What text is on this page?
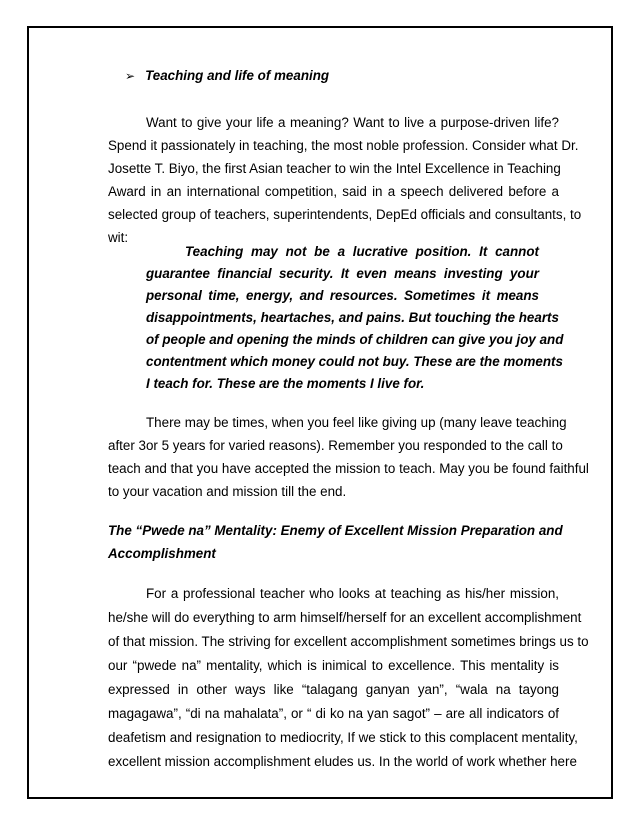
➢ Teaching and life of meaning
Want to give your life a meaning? Want to live a purpose-driven life?
Spend it passionately in teaching, the most noble profession. Consider what Dr.
Josette T. Biyo, the first Asian teacher to win the Intel Excellence in Teaching
Award in an international competition, said in a speech delivered before a
selected group of teachers, superintendents, DepEd officials and consultants, to
wit:
Teaching may not be a lucrative position. It cannot
guarantee financial security. It even means investing your
personal time, energy, and resources. Sometimes it means
disappointments, heartaches, and pains. But touching the hearts
of people and opening the minds of children can give you joy and
contentment which money could not buy. These are the moments
I teach for. These are the moments I live for.
There may be times, when you feel like giving up (many leave teaching
after 3or 5 years for varied reasons). Remember you responded to the call to
teach and that you have accepted the mission to teach. May you be found faithful
to your vacation and mission till the end.
The “Pwede na” Mentality: Enemy of Excellent Mission Preparation and
Accomplishment
For a professional teacher who looks at teaching as his/her mission,
he/she will do everything to arm himself/herself for an excellent accomplishment
of that mission. The striving for excellent accomplishment sometimes brings us to
our “pwede na” mentality, which is inimical to excellence. This mentality is
expressed in other ways like “talagang ganyan yan”, “wala na tayong
magagawa”, “di na mahalata”, or “ di ko na yan sagot” – are all indicators of
deafetism and resignation to mediocrity, If we stick to this complacent mentality,
excellent mission accomplishment eludes us. In the world of work whether here
